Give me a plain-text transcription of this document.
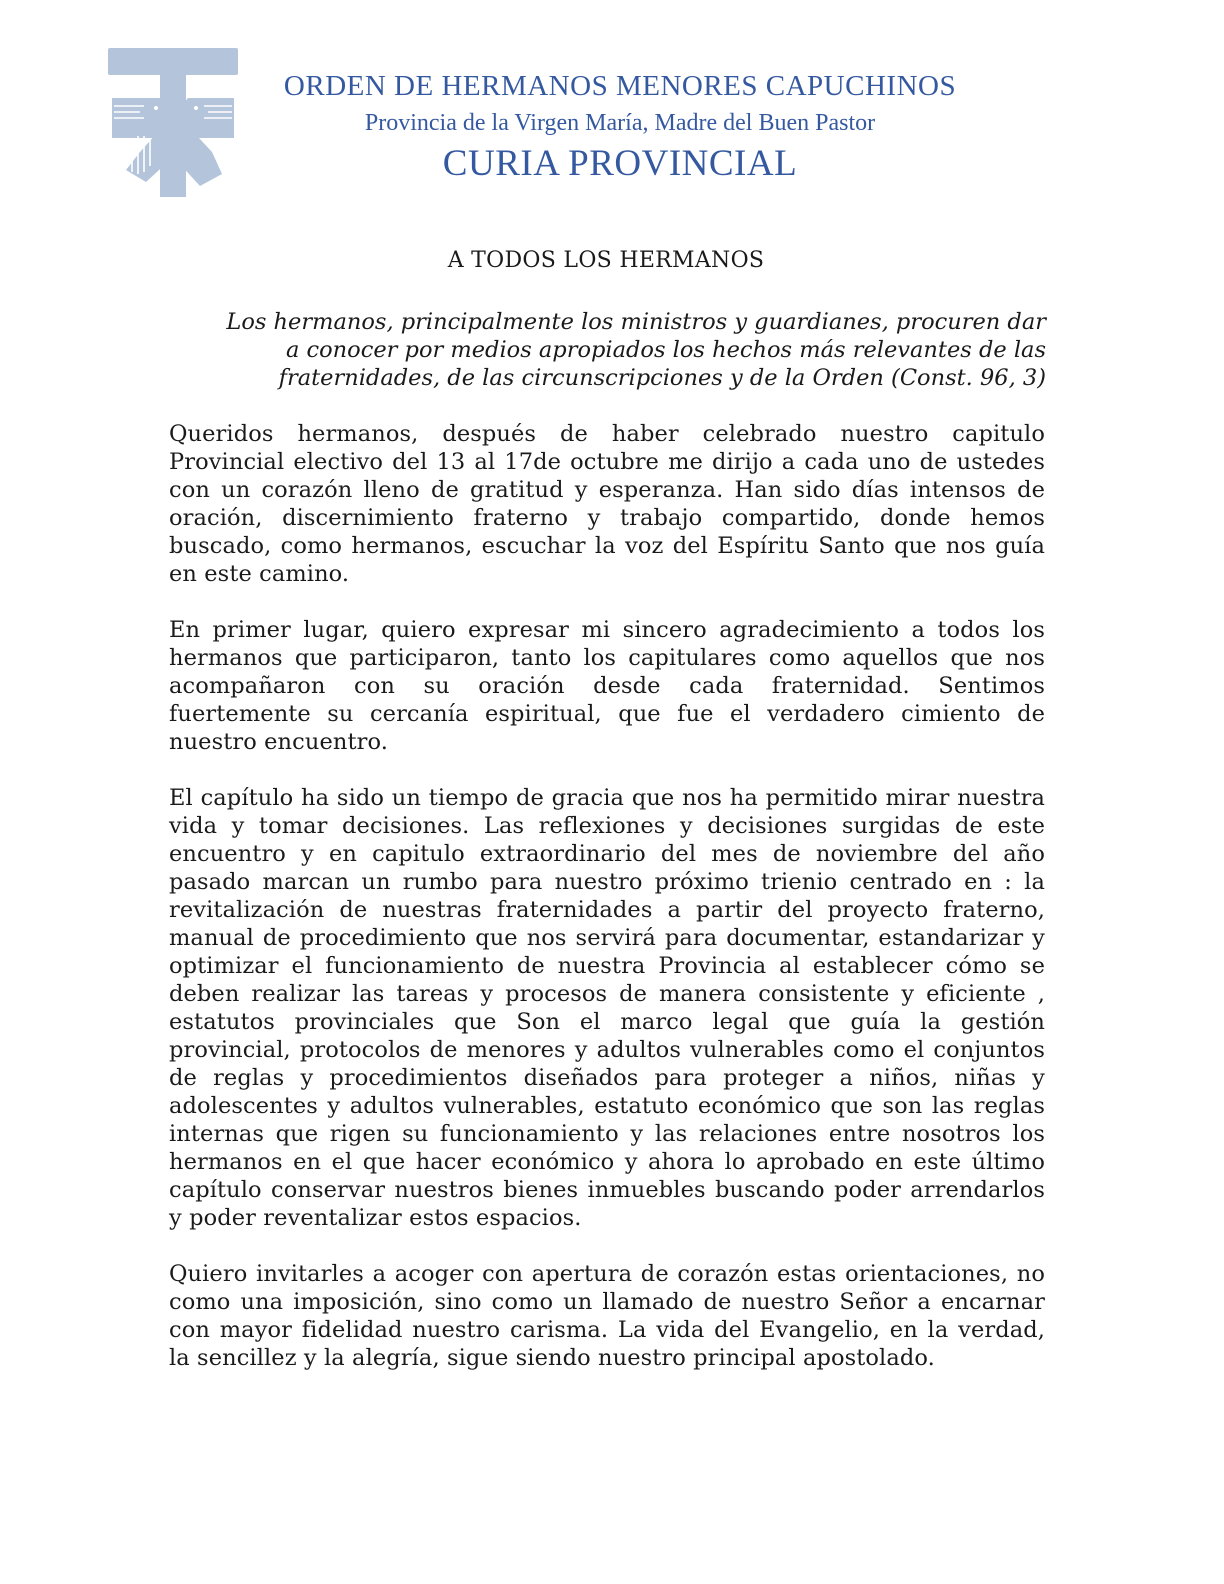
ORDEN DE HERMANOS MENORES CAPUCHINOS

Provincia de la Virgen María, Madre del Buen Pastor

CURIA PROVINCIAL

A TODOS LOS HERMANOS

Los hermanos, principalmente los ministros y guardianes, procuren dar
a conocer por medios apropiados los hechos más relevantes de las
fraternidades, de las circunscripciones y de la Orden (Const. 96, 3)

Queridos hermanos, después de haber celebrado nuestro capitulo Provincial electivo del 13 al 17de octubre me dirijo a cada uno de ustedes con un corazón lleno de gratitud y esperanza. Han sido días intensos de oración, discernimiento fraterno y trabajo compartido, donde hemos buscado, como hermanos, escuchar la voz del Espíritu Santo que nos guía en este camino.

En primer lugar, quiero expresar mi sincero agradecimiento a todos los hermanos que participaron, tanto los capitulares como aquellos que nos acompañaron con su oración desde cada fraternidad. Sentimos fuertemente su cercanía espiritual, que fue el verdadero cimiento de nuestro encuentro.

El capítulo ha sido un tiempo de gracia que nos ha permitido mirar nuestra vida y tomar decisiones. Las reflexiones y decisiones surgidas de este encuentro y en capitulo extraordinario del mes de noviembre del año pasado marcan un rumbo para nuestro próximo trienio centrado en : la revitalización de nuestras fraternidades a partir del proyecto fraterno, manual de procedimiento que nos servirá para documentar, estandarizar y optimizar el funcionamiento de nuestra Provincia al establecer cómo se deben realizar las tareas y procesos de manera consistente y eficiente , estatutos provinciales que Son el marco legal que guía la gestión provincial, protocolos de menores y adultos vulnerables como el conjuntos de reglas y procedimientos diseñados para proteger a niños, niñas y adolescentes y adultos vulnerables, estatuto económico que son las reglas internas que rigen su funcionamiento y las relaciones entre nosotros los hermanos en el que hacer económico y ahora lo aprobado en este último capítulo conservar nuestros bienes inmuebles buscando poder arrendarlos y poder reventalizar estos espacios.

Quiero invitarles a acoger con apertura de corazón estas orientaciones, no como una imposición, sino como un llamado de nuestro Señor a encarnar con mayor fidelidad nuestro carisma. La vida del Evangelio, en la verdad, la sencillez y la alegría, sigue siendo nuestro principal apostolado.
